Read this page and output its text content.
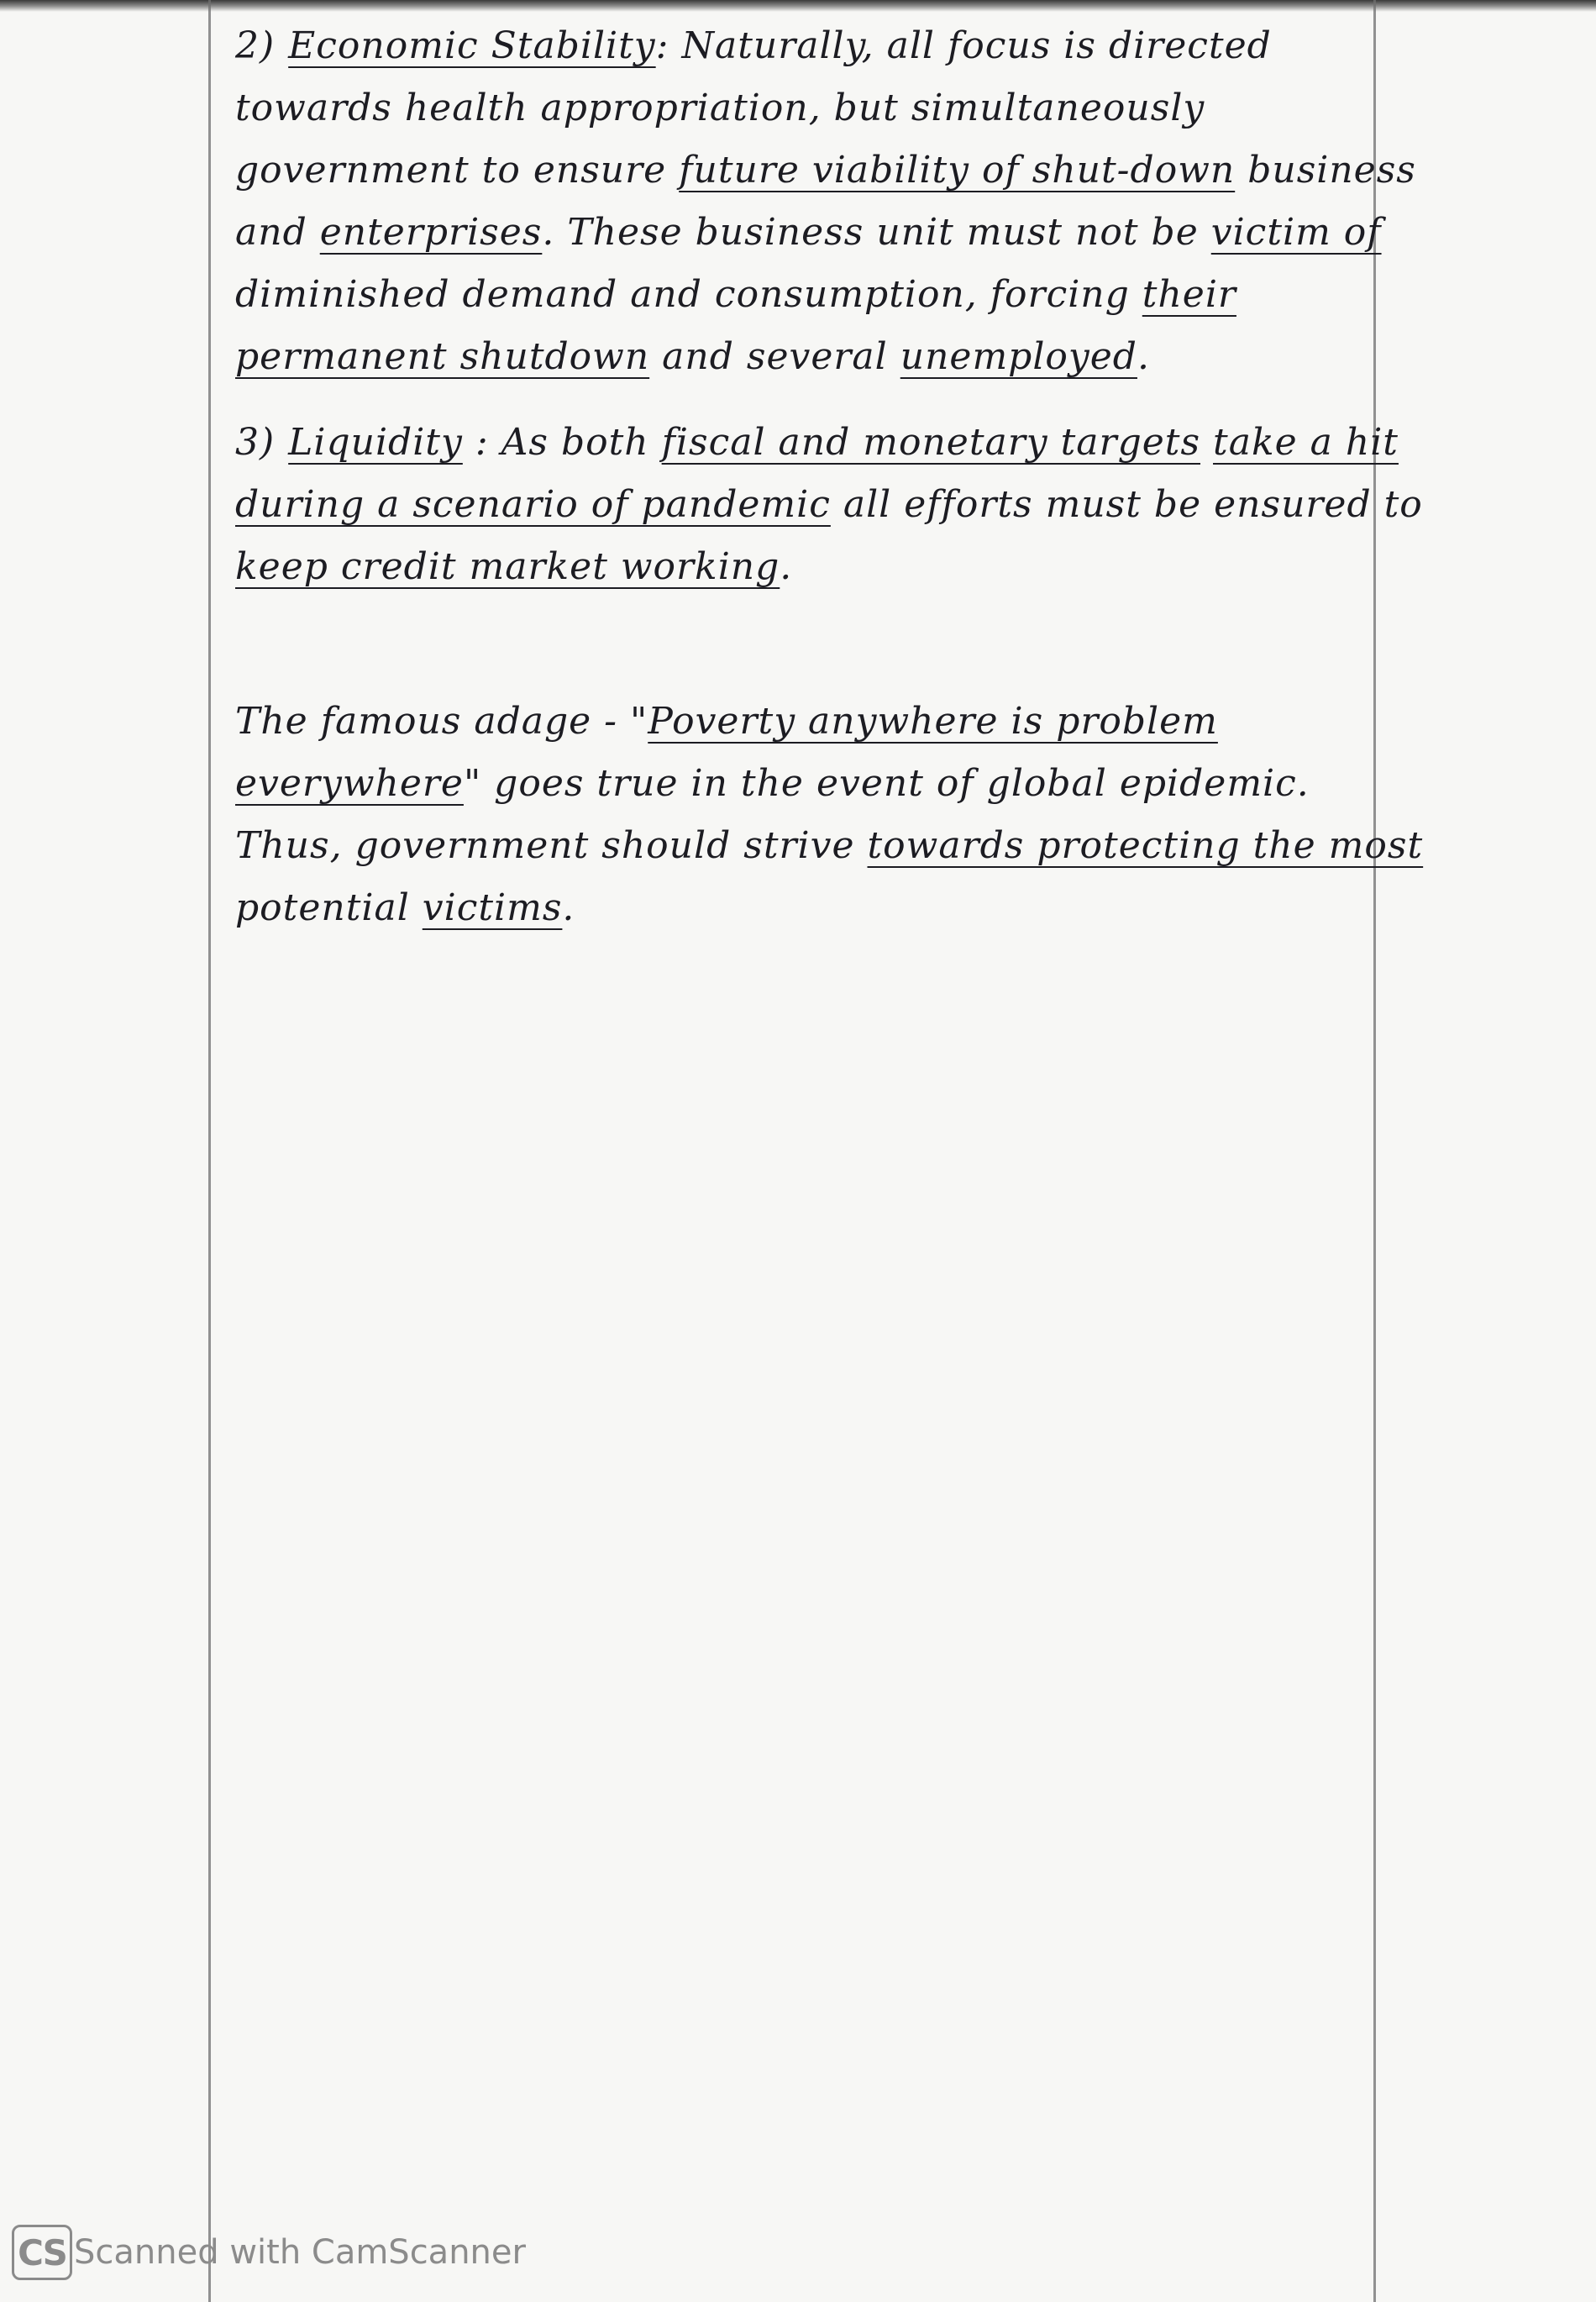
2) Economic Stability: Naturally, all focus is directed towards health appropriation, but simultaneously government to ensure future viability of shut-down business and enterprises. These business unit must not be victim of diminished demand and consumption, forcing their permanent shutdown and several unemployed.

3) Liquidity : As both fiscal and monetary targets take a hit during a scenario of pandemic all efforts must be ensured to keep credit market working.

The famous adage - "Poverty anywhere is problem everywhere" goes true in the event of global epidemic. Thus, government should strive towards protecting the most potential victims.

CS Scanned with CamScanner
